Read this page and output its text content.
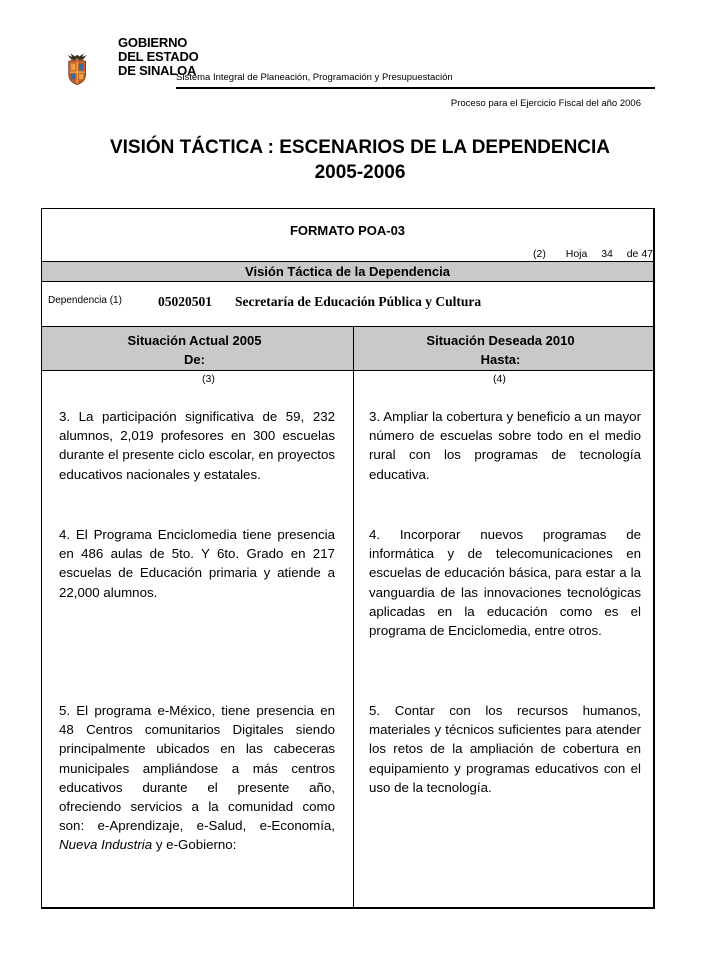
GOBIERNO
DEL ESTADO
DE SINALOA
Sistema Integral de Planeación, Programación y Presupuestación
Proceso para el Ejercicio Fiscal del año 2006
VISIÓN TÁCTICA : ESCENARIOS DE LA DEPENDENCIA
2005-2006
FORMATO POA-03
(2) Hoja 34 de 47
Visión Táctica de la Dependencia
Dependencia (1)	05020501 Secretaría de Educación Pública y Cultura
Situación Actual 2005
De:
Situación Deseada 2010
Hasta:
(3)	(4)
3. La participación significativa de 59, 232 alumnos, 2,019 profesores en 300 escuelas durante el presente ciclo escolar, en proyectos educativos nacionales y estatales.
4. El Programa Enciclomedia tiene presencia en 486 aulas de 5to. Y 6to. Grado en 217 escuelas de Educación primaria y atiende a 22,000 alumnos.
5. El programa e-México, tiene presencia en 48 Centros comunitarios Digitales siendo principalmente ubicados en las cabeceras municipales ampliándose a más centros educativos durante el presente año, ofreciendo servicios a la comunidad como son: e-Aprendizaje, e-Salud, e-Economía, Nueva Industria y e-Gobierno:
3. Ampliar la cobertura y beneficio a un mayor número de escuelas sobre todo en el medio rural con los programas de tecnología educativa.
4. Incorporar nuevos programas de informática y de telecomunicaciones en escuelas de educación básica, para estar a la vanguardia de las innovaciones tecnológicas aplicadas en la educación como es el programa de Enciclomedia, entre otros.
5. Contar con los recursos humanos, materiales y técnicos suficientes para atender los retos de la ampliación de cobertura en equipamiento y programas educativos con el uso de la tecnología.
